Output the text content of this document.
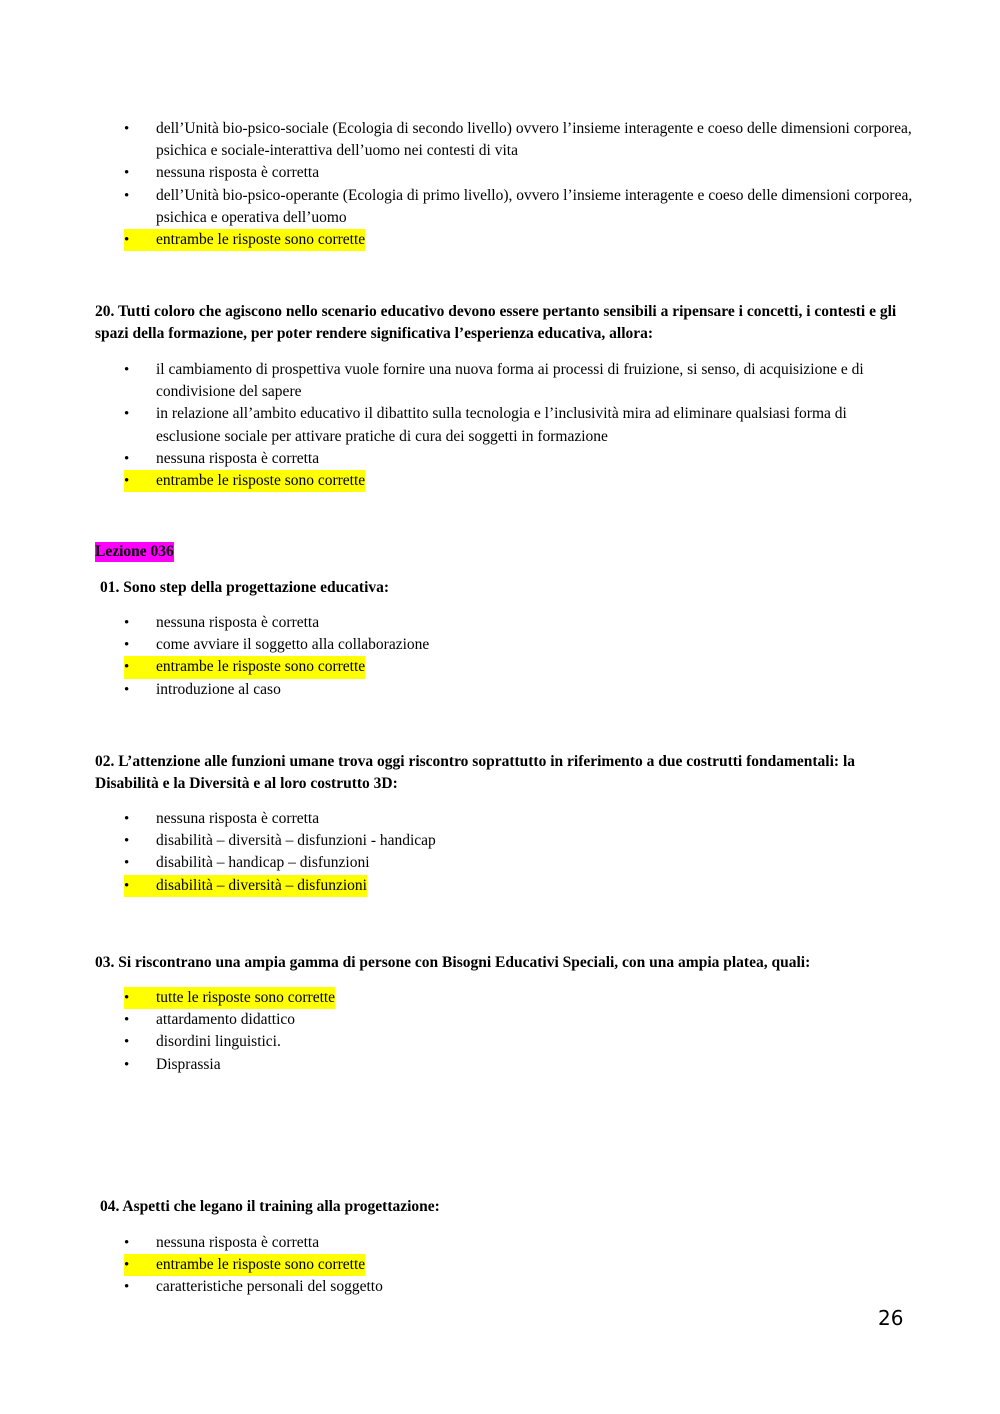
•	dell’Unità bio-psico-sociale (Ecologia di secondo livello) ovvero l’insieme interagente e coeso delle dimensioni corporea, psichica e sociale-interattiva dell’uomo nei contesti di vita
•	nessuna risposta è corretta
•	dell’Unità bio-psico-operante (Ecologia di primo livello), ovvero l’insieme interagente e coeso delle dimensioni corporea, psichica e operativa dell’uomo
•	entrambe le risposte sono corrette

20. Tutti coloro che agiscono nello scenario educativo devono essere pertanto sensibili a ripensare i concetti, i contesti e gli spazi della formazione, per poter rendere significativa l’esperienza educativa, allora:

•	il cambiamento di prospettiva vuole fornire una nuova forma ai processi di fruizione, si senso, di acquisizione e di condivisione del sapere
•	in relazione all’ambito educativo il dibattito sulla tecnologia e l’inclusività mira ad eliminare qualsiasi forma di esclusione sociale per attivare pratiche di cura dei soggetti in formazione
•	nessuna risposta è corretta
•	entrambe le risposte sono corrette
Lezione 036

01. Sono step della progettazione educativa:

•	nessuna risposta è corretta
•	come avviare il soggetto alla collaborazione
•	entrambe le risposte sono corrette
•	introduzione al caso

02. L’attenzione alle funzioni umane trova oggi riscontro soprattutto in riferimento a due costrutti fondamentali: la Disabilità e la Diversità e al loro costrutto 3D:

•	nessuna risposta è corretta
•	disabilità – diversità – disfunzioni - handicap
•	disabilità – handicap – disfunzioni
•	disabilità – diversità – disfunzioni

03. Si riscontrano una ampia gamma di persone con Bisogni Educativi Speciali, con una ampia platea, quali:

•	tutte le risposte sono corrette
•	attardamento didattico
•	disordini linguistici.
•	Disprassia

04. Aspetti che legano il training alla progettazione:

•	nessuna risposta è corretta
•	entrambe le risposte sono corrette
•	caratteristiche personali del soggetto
26
